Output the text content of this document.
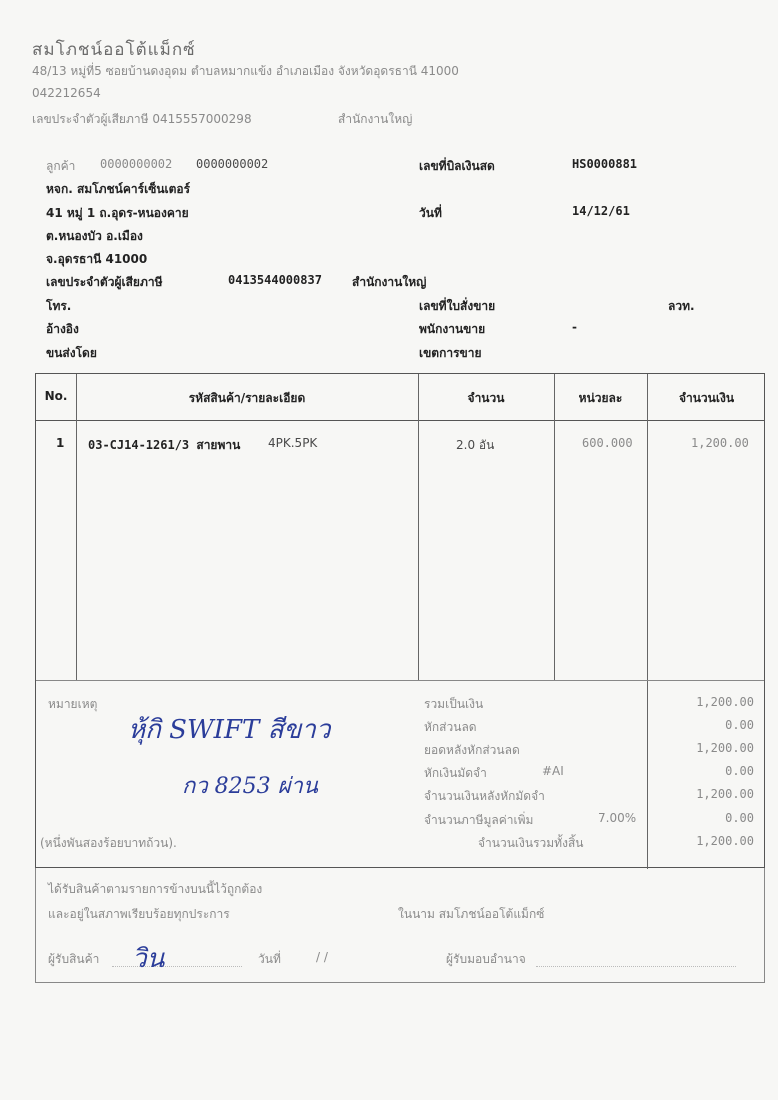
สมโภชน์ออโต้แม็กซ์
48/13 หมู่ที่5 ซอยบ้านดงอุดม ตำบลหมากแข้ง อำเภอเมือง จังหวัดอุดรธานี 41000
042212654
เลขประจำตัวผู้เสียภาษี 0415557000298	สำนักงานใหญ่
ลูกค้า 0000000002 0000000002
หจก. สมโภชน์คาร์เซ็นเตอร์
41 หมู่ 1 ถ.อุดร-หนองคาย
ต.หนองบัว อ.เมือง
จ.อุดรธานี 41000
เลขประจำตัวผู้เสียภาษี	0413544000837	สำนักงานใหญ่
โทร.
อ้างอิง
ขนส่งโดย
เลขที่บิลเงินสด	HS0000881
วันที่	14/12/61
เลขที่ใบสั่งขาย	ลวท.
พนักงานขาย	-
เขตการขาย
No.	รหัสสินค้า/รายละเอียด	จำนวน	หน่วยละ	จำนวนเงิน
1 03-CJ14-1261/3 สายพาน 4PK.5PK	2.0 อัน	600.000	1,200.00
หมายเหตุ
หุ้กิ SWIFT สีขาว
กว 8253 ผ่าน
(หนึ่งพันสองร้อยบาทถ้วน).
รวมเป็นเงิน	1,200.00
หักส่วนลด	0.00
ยอดหลังหักส่วนลด	1,200.00
หักเงินมัดจำ	#AI	0.00
จำนวนเงินหลังหักมัดจำ	1,200.00
จำนวนภาษีมูลค่าเพิ่ม	7.00%	0.00
จำนวนเงินรวมทั้งสิ้น	1,200.00
ได้รับสินค้าตามรายการข้างบนนี้ไว้ถูกต้อง
และอยู่ในสภาพเรียบร้อยทุกประการ	ในนาม สมโภชน์ออโต้แม็กซ์
ผู้รับสินค้า วิน	วันที่	/ /	ผู้รับมอบอำนาจ
